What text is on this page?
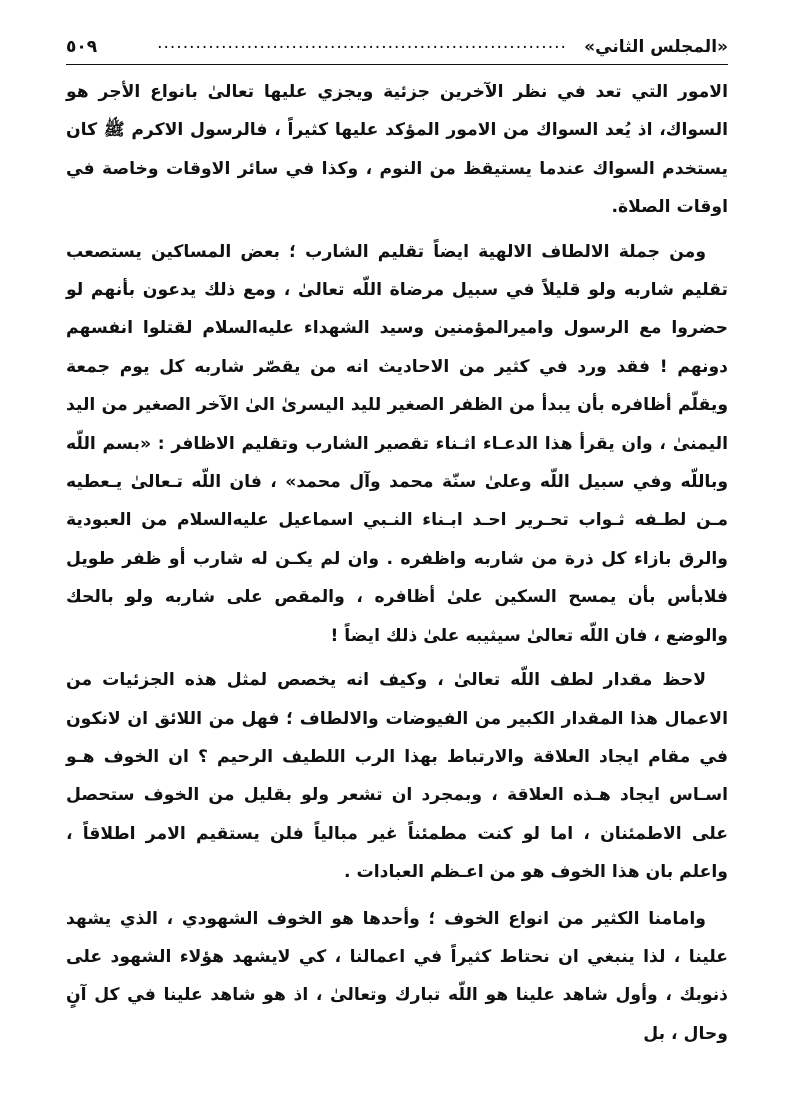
«المجلس الثاني»
................................................................
٥٠٩

الامور التي تعد في نظر الآخرين جزئية ويجزي عليها تعالىٰ بانواع الأجر هو السواك، اذ يُعد السواك من الامور المؤكد عليها كثيراً ، فالرسول الاكرم ﷺ كان يستخدم السواك عندما يستيقظ من النوم ، وكذا في سائر الاوقات وخاصة في اوقات الصلاة.

ومن جملة الالطاف الالهية ايضاً تقليم الشارب ؛ بعض المساكين يستصعب تقليم شاربه ولو قليلاً في سبيل مرضاة اللّه تعالىٰ ، ومع ذلك يدعون بأنهم لو حضروا مع الرسول واميرالمؤمنين وسيد الشهداء عليه‌السلام لقتلوا انفسهم دونهم ! فقد ورد في كثير من الاحاديث انه من يقصّر شاربه كل يوم جمعة ويقلّم أظافره بأن يبدأ من الظفر الصغير لليد اليسرىٰ الىٰ الآخر الصغير من اليد اليمنىٰ ، وان يقرأ هذا الدعـاء اثـناء تقصير الشارب وتقليم الاظافر : «بسم اللّه وباللّه وفي سبيل اللّه وعلىٰ سنّة محمد وآل محمد» ، فان اللّه تـعالىٰ يـعطيه مـن لطـفه ثـواب تحـرير احـد ابـناء النـبي اسماعيل عليه‌السلام من العبودية والرق بازاء كل ذرة من شاربه واظفره . وان لم يكـن له شارب أو ظفر طويل فلابأس بأن يمسح السكين علىٰ أظافره ، والمقص على شاربه ولو بالحك والوضع ، فان اللّه تعالىٰ سيثيبه علىٰ ذلك ايضاً !

لاحظ مقدار لطف اللّه تعالىٰ ، وكيف انه يخصص لمثل هذه الجزئيات من الاعمال هذا المقدار الكبير من الفيوضات والالطاف ؛ فهل من اللائق ان لانكون في مقام ايجاد العلاقة والارتباط بهذا الرب اللطيف الرحيم ؟ ان الخوف هـو اسـاس ايجاد هـذه العلاقة ، وبمجرد ان تشعر ولو بقليل من الخوف ستحصل على الاطمئنان ، اما لو كنت مطمئناً غير مبالياً فلن يستقيم الامر اطلاقاً ، واعلم بان هذا الخوف هو من اعـظم العبادات .

وامامنا الكثير من انواع الخوف ؛ وأحدها هو الخوف الشهودي ، الذي يشهد علينا ، لذا ينبغي ان نحتاط كثيراً في اعمالنا ، كي لايشهد هؤلاء الشهود على ذنوبك ، وأول شاهد علينا هو اللّه تبارك وتعالىٰ ، اذ هو شاهد علينا في كل آنٍ وحال ، بل
